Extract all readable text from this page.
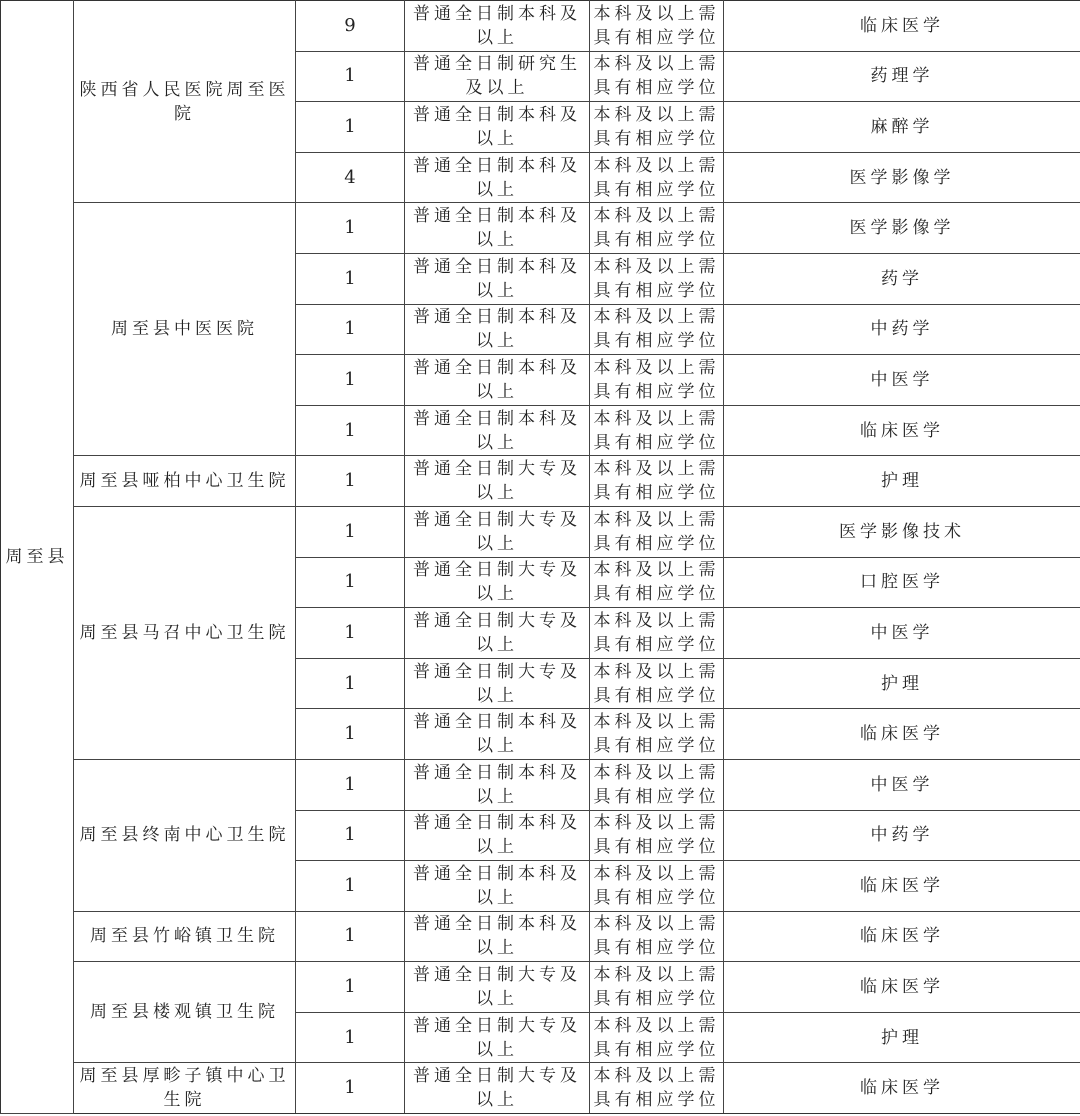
周至县	陕西省人民医院周至医院	9	普通全日制本科及以上	本科及以上需具有相应学位	临床医学
		1	普通全日制研究生及以上	本科及以上需具有相应学位	药理学
		1	普通全日制本科及以上	本科及以上需具有相应学位	麻醉学
		4	普通全日制本科及以上	本科及以上需具有相应学位	医学影像学
	周至县中医医院	1	普通全日制本科及以上	本科及以上需具有相应学位	医学影像学
		1	普通全日制本科及以上	本科及以上需具有相应学位	药学
		1	普通全日制本科及以上	本科及以上需具有相应学位	中药学
		1	普通全日制本科及以上	本科及以上需具有相应学位	中医学
		1	普通全日制本科及以上	本科及以上需具有相应学位	临床医学
	周至县哑柏中心卫生院	1	普通全日制大专及以上	本科及以上需具有相应学位	护理
	周至县马召中心卫生院	1	普通全日制大专及以上	本科及以上需具有相应学位	医学影像技术
		1	普通全日制大专及以上	本科及以上需具有相应学位	口腔医学
		1	普通全日制大专及以上	本科及以上需具有相应学位	中医学
		1	普通全日制大专及以上	本科及以上需具有相应学位	护理
		1	普通全日制本科及以上	本科及以上需具有相应学位	临床医学
	周至县终南中心卫生院	1	普通全日制本科及以上	本科及以上需具有相应学位	中医学
		1	普通全日制本科及以上	本科及以上需具有相应学位	中药学
		1	普通全日制本科及以上	本科及以上需具有相应学位	临床医学
	周至县竹峪镇卫生院	1	普通全日制本科及以上	本科及以上需具有相应学位	临床医学
	周至县楼观镇卫生院	1	普通全日制大专及以上	本科及以上需具有相应学位	临床医学
		1	普通全日制大专及以上	本科及以上需具有相应学位	护理
	周至县厚畛子镇中心卫生院	1	普通全日制大专及以上	本科及以上需具有相应学位	临床医学
